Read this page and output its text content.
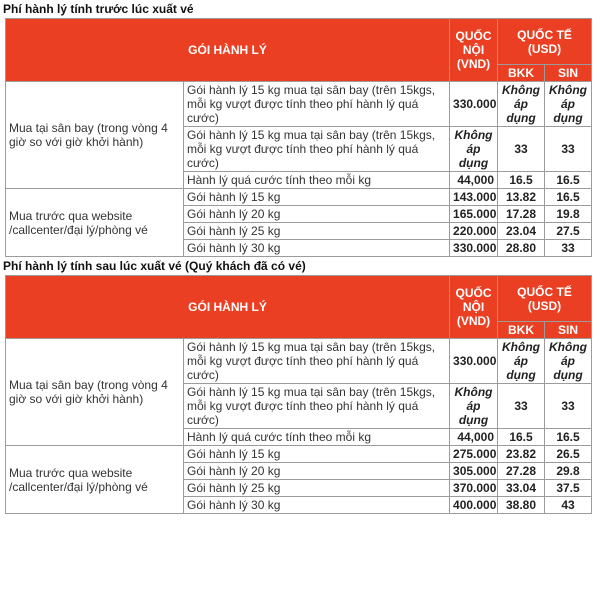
Phí hành lý tính trước lúc xuất vé
GÓI HÀNH LÝ		QUỐC NỘI (VND)	QUỐC TẾ (USD)	
			BKK	SIN
Mua tại sân bay (trong vòng 4 giờ so với giờ khởi hành)	Gói hành lý 15 kg mua tại sân bay (trên 15kgs, mỗi kg vượt được tính theo phí hành lý quá cước)	330.000	Không áp dụng	Không áp dụng
	Gói hành lý 15 kg mua tại sân bay (trên 15kgs, mỗi kg vượt được tính theo phí hành lý quá cước)	Không áp dụng	33	33
	Hành lý quá cước tính theo mỗi kg	44,000	16.5	16.5
Mua trước qua website /callcenter/đại lý/phòng vé	Gói hành lý 15 kg	143.000	13.82	16.5
	Gói hành lý 20 kg	165.000	17.28	19.8
	Gói hành lý 25 kg	220.000	23.04	27.5
	Gói hành lý 30 kg	330.000	28.80	33
Phí hành lý tính sau lúc xuất vé (Quý khách đã có vé)
GÓI HÀNH LÝ		QUỐC NỘI (VND)	QUỐC TẾ (USD)	
			BKK	SIN
Mua tại sân bay (trong vòng 4 giờ so với giờ khởi hành)	Gói hành lý 15 kg mua tại sân bay (trên 15kgs, mỗi kg vượt được tính theo phí hành lý quá cước)	330.000	Không áp dụng	Không áp dụng
	Gói hành lý 15 kg mua tại sân bay (trên 15kgs, mỗi kg vượt được tính theo phí hành lý quá cước)	Không áp dụng	33	33
	Hành lý quá cước tính theo mỗi kg	44,000	16.5	16.5
Mua trước qua website /callcenter/đại lý/phòng vé	Gói hành lý 15 kg	275.000	23.82	26.5
	Gói hành lý 20 kg	305.000	27.28	29.8
	Gói hành lý 25 kg	370.000	33.04	37.5
	Gói hành lý 30 kg	400.000	38.80	43
